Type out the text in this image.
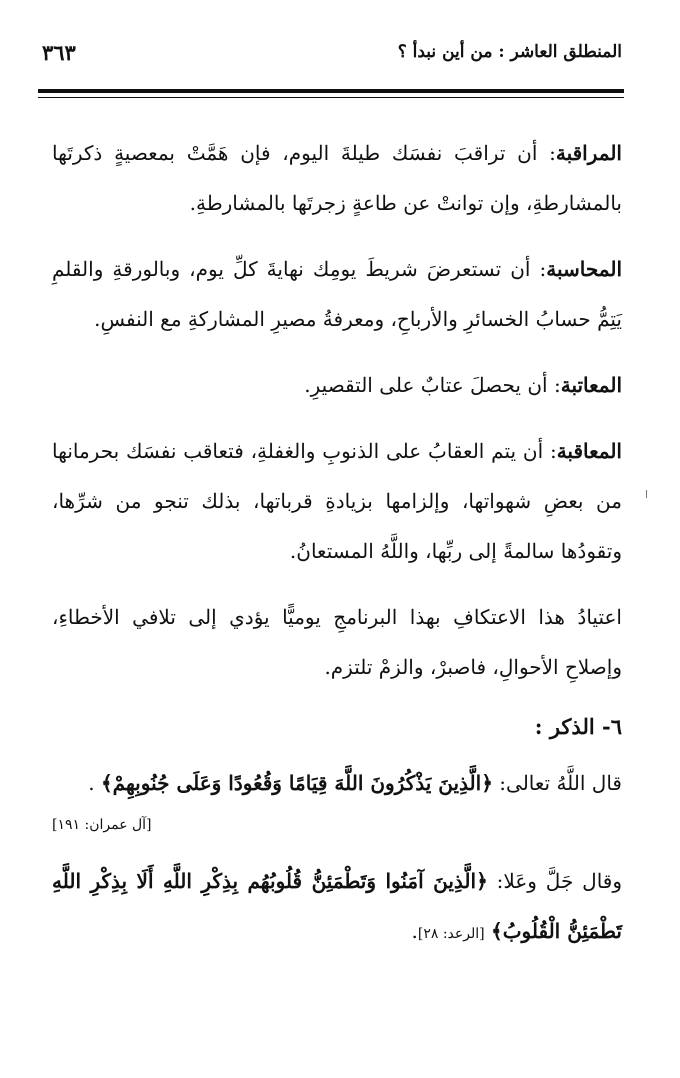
المنطلق العاشر : من أين نبدأ ؟
٣٦٣

المراقبة: أن تراقبَ نفسَك طيلةَ اليوم، فإن هَمَّتْ بمعصيةٍ ذكرتَها بالمشارطةِ، وإن توانتْ عن طاعةٍ زجرتَها بالمشارطةِ.

المحاسبة: أن تستعرضَ شريطَ يومِك نهايةَ كلِّ يوم، وبالورقةِ والقلمِ يَتِمُّ حسابُ الخسائرِ والأرباحِ، ومعرفةُ مصيرِ المشاركةِ مع النفسِ.

المعاتبة: أن يحصلَ عتابٌ على التقصيرِ.

المعاقبة: أن يتم العقابُ على الذنوبِ والغفلةِ، فتعاقب نفسَك بحرمانها من بعضِ شهواتها، وإلزامها بزيادةِ قرباتها، بذلك تنجو من شرِّها، وتقودُها سالمةً إلى ربِّها، واللَّهُ المستعانُ.

اعتيادُ هذا الاعتكافِ بهذا البرنامجِ يوميًّا يؤدي إلى تلافي الأخطاءِ، وإصلاحِ الأحوالِ، فاصبرْ، والزمْ تلتزم.

٦- الذكر :

قال اللَّهُ تعالى: ﴿الَّذِينَ يَذْكُرُونَ اللَّهَ قِيَامًا وَقُعُودًا وَعَلَى جُنُوبِهِمْ﴾ .

[آل عمران: ١٩١]

وقال جَلَّ وعَلا: ﴿الَّذِينَ آمَنُوا وَتَطْمَئِنُّ قُلُوبُهُم بِذِكْرِ اللَّهِ أَلَا بِذِكْرِ اللَّهِ تَطْمَئِنُّ الْقُلُوبُ﴾ [الرعد: ٢٨].
